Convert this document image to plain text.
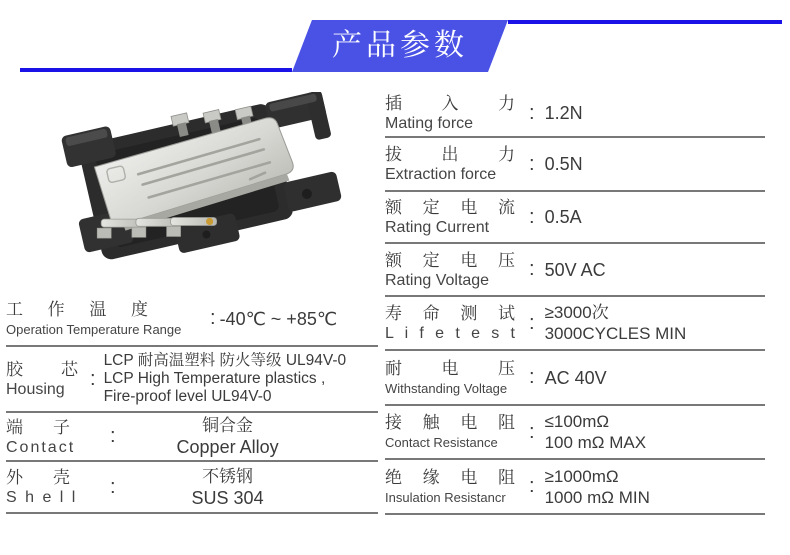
产品参数
工 作 温 度
Operation Temperature Range	: -40℃ ~ +85℃
胶 芯
Housing	:
LCP 耐高温塑料 防火等级 UL94V-0
LCP High Temperature plastics ,
Fire-proof level UL94V-0
端 子
Contact	:	铜合金
Copper Alloy
外 壳
S h e l l	:	不锈钢
SUS 304
插 入 力
Mating force	: 1.2N
拔 出 力
Extraction force	: 0.5N
额 定 电 流
Rating Current	: 0.5A
额 定 电 压
Rating Voltage	: 50V AC
寿 命 测 试
L i f e t e s t : ≥3000次
3000CYCLES MIN
耐 电 压
Withstanding Voltage	: AC 40V
接 触 电 阻
Contact Resistance	: ≤100mΩ
100 mΩ MAX
绝 缘 电 阻
Insulation Resistancr	: ≥1000mΩ
1000 mΩ MIN
